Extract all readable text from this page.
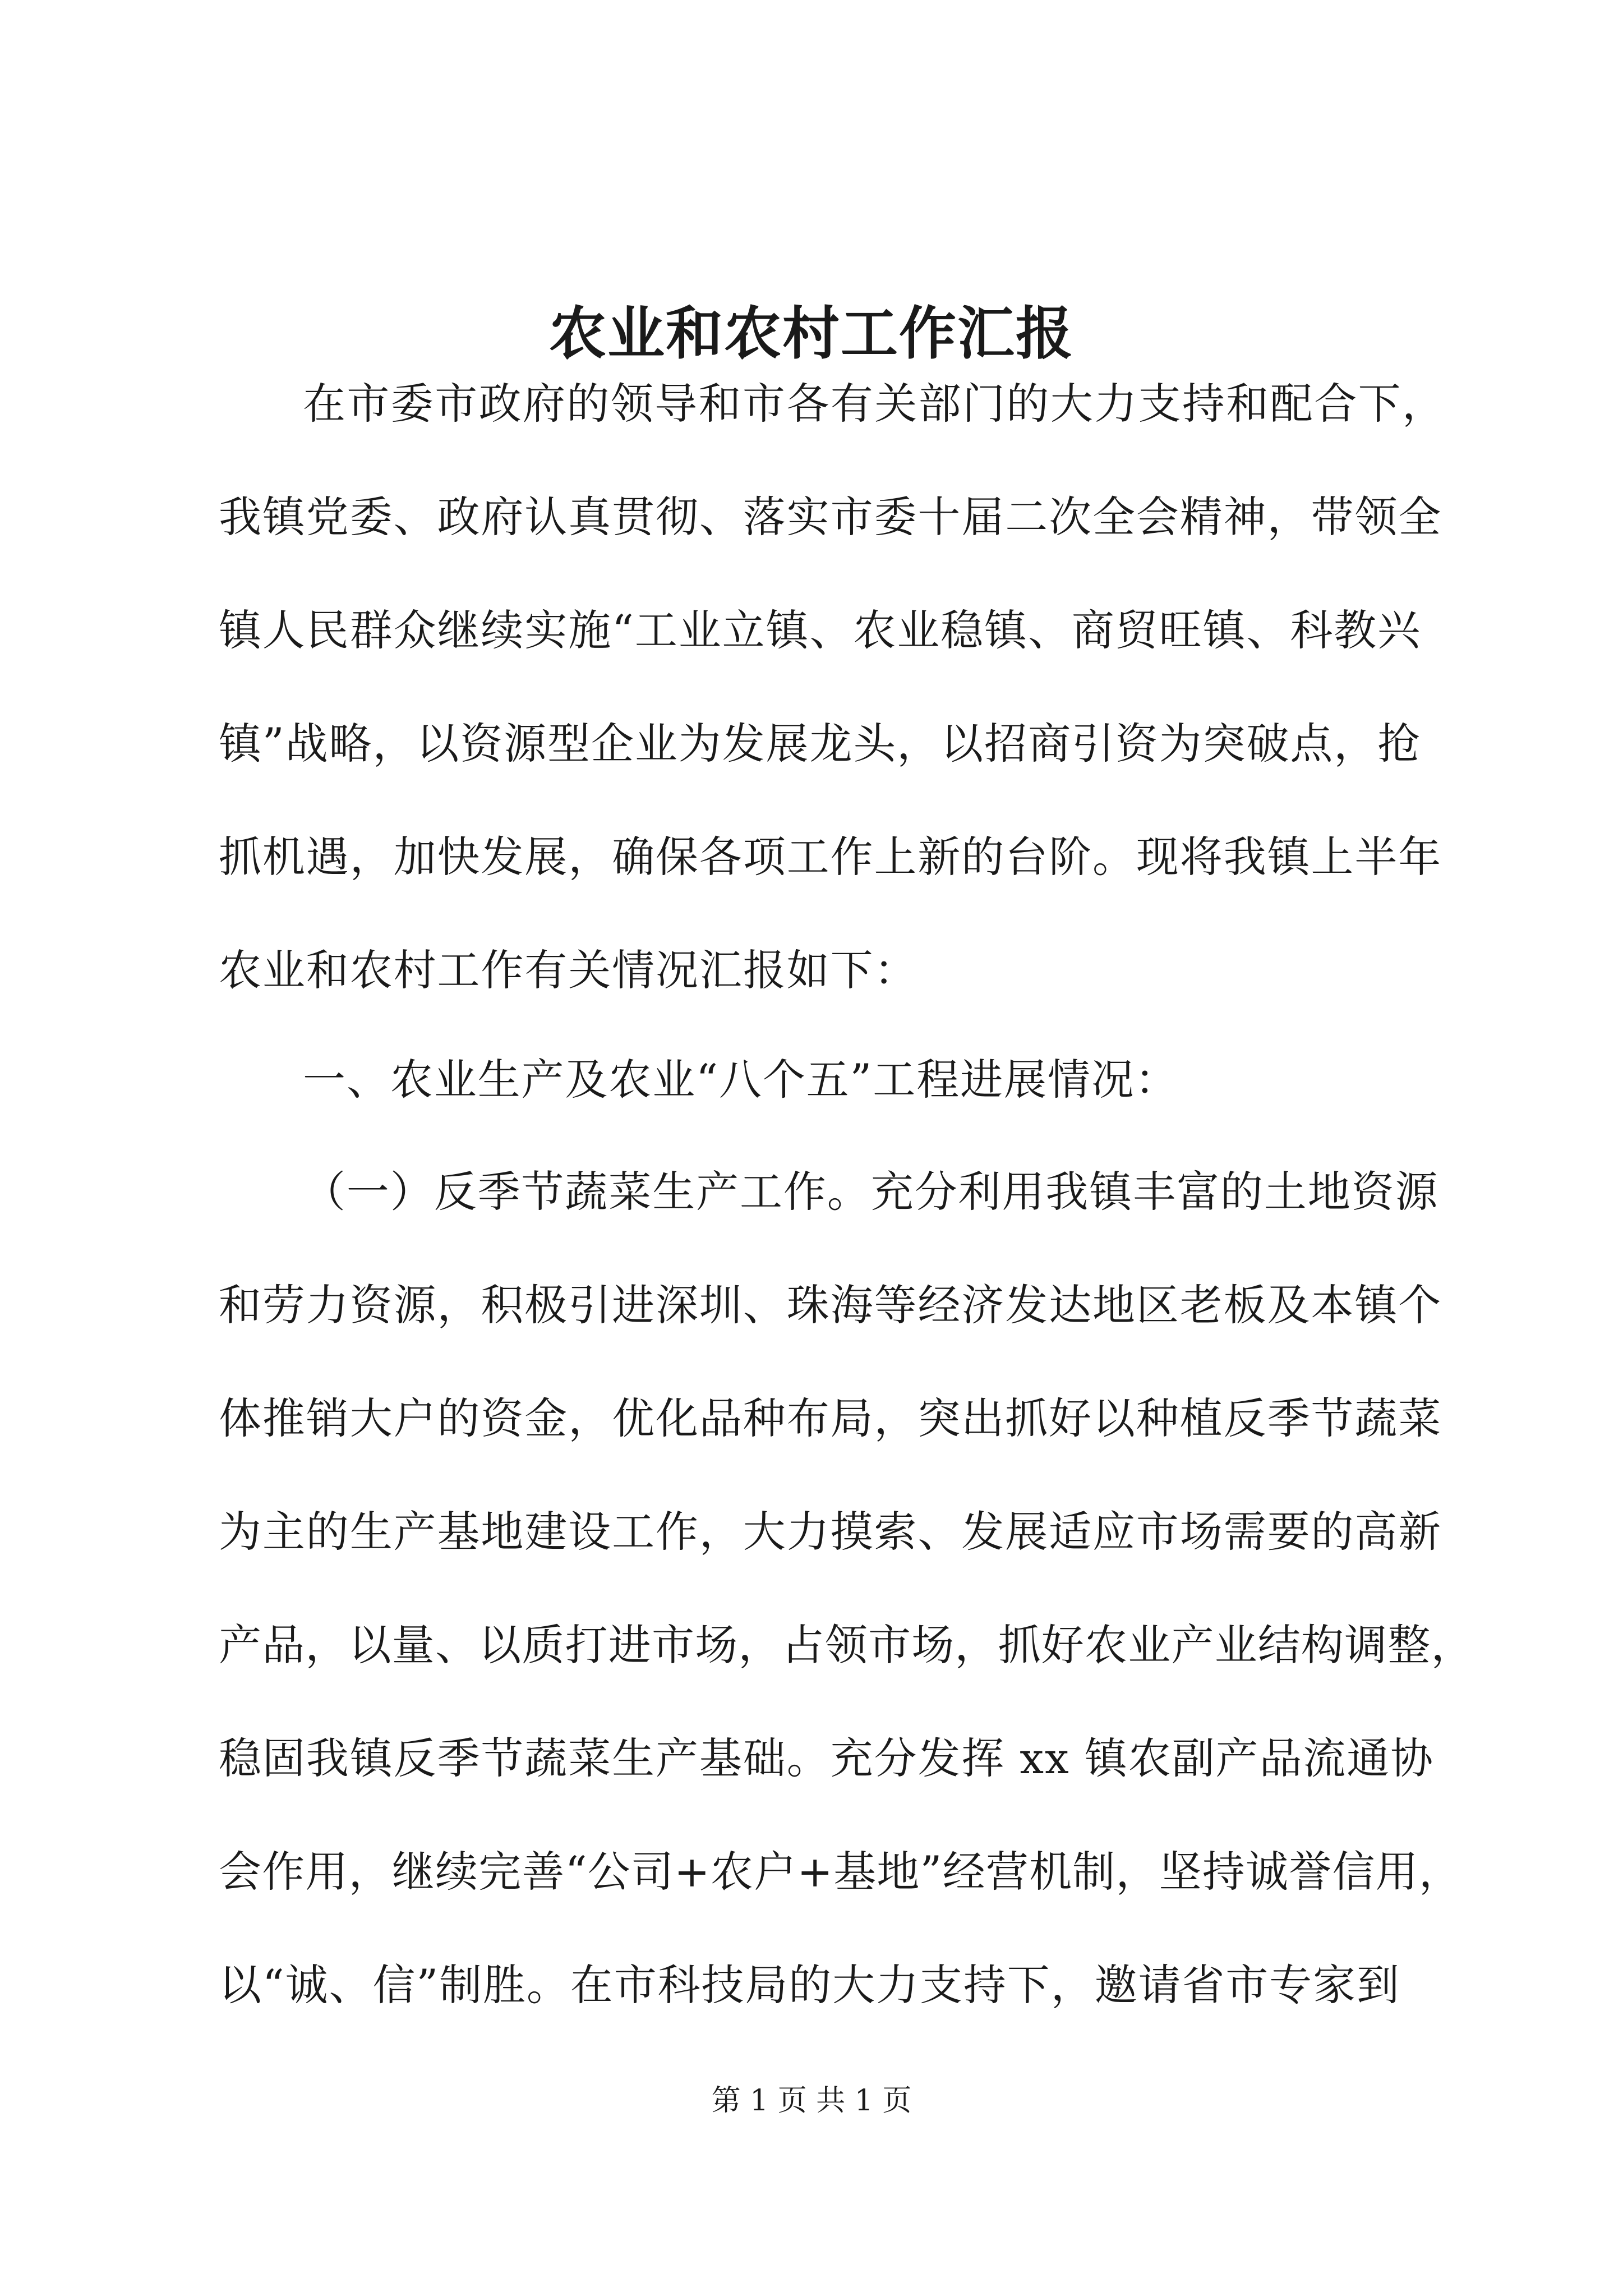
农业和农村工作汇报
在市委市政府的领导和市各有关部门的大力支持和配合下，
我镇党委、政府认真贯彻、落实市委十届二次全会精神，带领全
镇人民群众继续实施“工业立镇、农业稳镇、商贸旺镇、科教兴
镇”战略，以资源型企业为发展龙头，以招商引资为突破点，抢
抓机遇，加快发展，确保各项工作上新的台阶。现将我镇上半年
农业和农村工作有关情况汇报如下：
一、农业生产及农业“八个五”工程进展情况：
（一）反季节蔬菜生产工作。充分利用我镇丰富的土地资源
和劳力资源，积极引进深圳、珠海等经济发达地区老板及本镇个
体推销大户的资金，优化品种布局，突出抓好以种植反季节蔬菜
为主的生产基地建设工作，大力摸索、发展适应市场需要的高新
产品，以量、以质打进市场，占领市场，抓好农业产业结构调整，
稳固我镇反季节蔬菜生产基础。充分发挥 xx 镇农副产品流通协
会作用，继续完善“公司+农户+基地”经营机制，坚持诚誉信用，
以“诚、信”制胜。在市科技局的大力支持下，邀请省市专家到
第 1 页 共 1 页
